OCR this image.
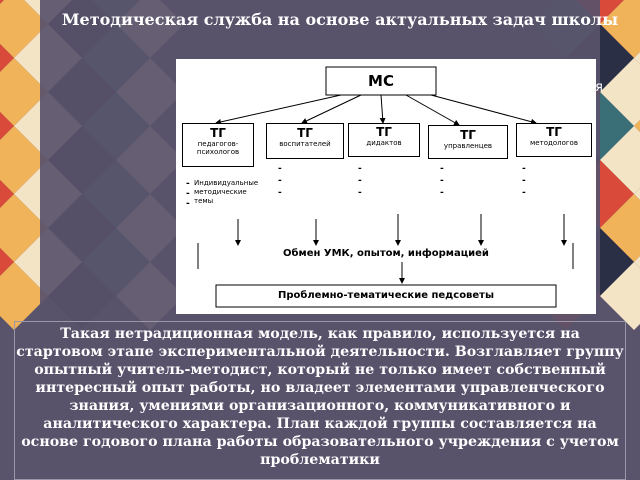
Методическая служба на основе актуальных задач школы
МС
ТГ
педагогов-психологов
ТГ
воспитателей
ТГ
дидактов
ТГ
управленцев
ТГ
методологов
Индивидуальные методические темы
-
-
-
-
-
-
-
-
-
-
-
-
-
-
-
Обмен УМК, опытом, информацией
Проблемно-тематические педсоветы
ТГ — творческая группа
Такая нетрадиционная модель, как правило, используется на стартовом этапе экспериментальной деятельности. Возглавляет группу опытный учитель-методист, который не только имеет собственный интересный опыт работы, но владеет элементами управленческого знания, умениями организационного, коммуникативного и аналитического характера. План каждой группы составляется на основе годового плана работы образовательного учреждения с учетом проблематики
